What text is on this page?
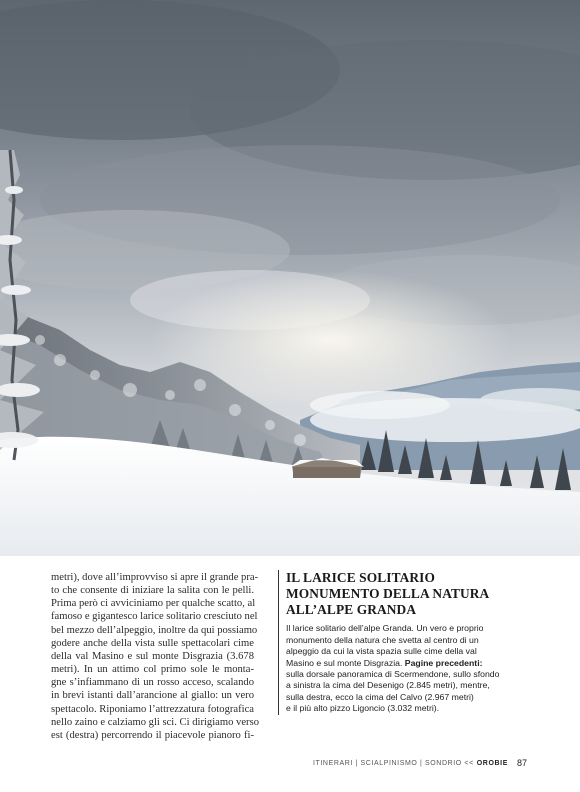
metri), dove all’improvviso si apre il grande pra-
to che consente di iniziare la salita con le pelli.
Prima però ci avviciniamo per qualche scatto, al
famoso e gigantesco larice solitario cresciuto nel
bel mezzo dell’alpeggio, inoltre da qui possiamo
godere anche della vista sulle spettacolari cime
della val Masino e sul monte Disgrazia (3.678
metri). In un attimo col primo sole le monta-
gne s’infiammano di un rosso acceso, scalando
in brevi istanti dall’arancione al giallo: un vero
spettacolo. Riponiamo l’attrezzatura fotografica
nello zaino e calziamo gli sci. Ci dirigiamo verso
est (destra) percorrendo il piacevole pianoro fi-
IL LARICE SOLITARIO
MONUMENTO DELLA NATURA
ALL’ALPE GRANDA
Il larice solitario dell’alpe Granda. Un vero e proprio
monumento della natura che svetta al centro di un
alpeggio da cui la vista spazia sulle cime della val
Masino e sul monte Disgrazia. Pagine precedenti:
sulla dorsale panoramica di Scermendone, sullo sfondo
a sinistra la cima del Desenigo (2.845 metri), mentre,
sulla destra, ecco la cima del Calvo (2.967 metri)
e il più alto pizzo Ligoncio (3.032 metri).
ITINERARI | SCIALPINISMO | SONDRIO << OROBIE 87
